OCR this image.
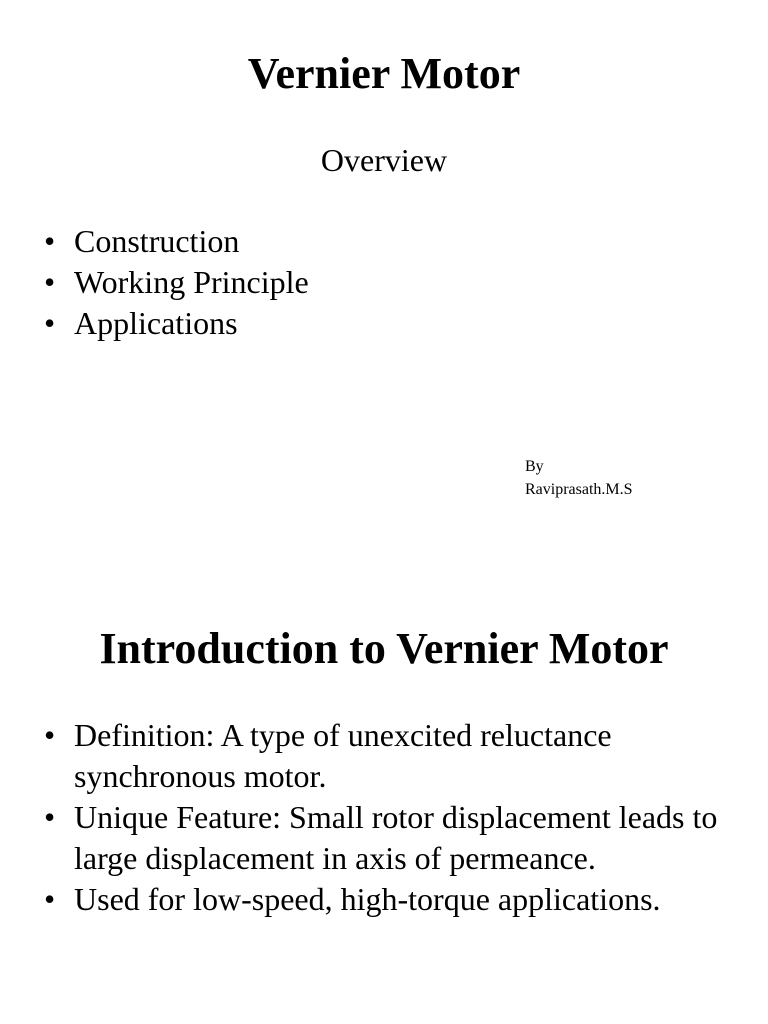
Vernier Motor
Overview
• Construction
• Working Principle
• Applications
By
Raviprasath.M.S
Introduction to Vernier Motor
• Definition: A type of unexcited reluctance synchronous motor.
• Unique Feature: Small rotor displacement leads to large displacement in axis of permeance.
• Used for low-speed, high-torque applications.
